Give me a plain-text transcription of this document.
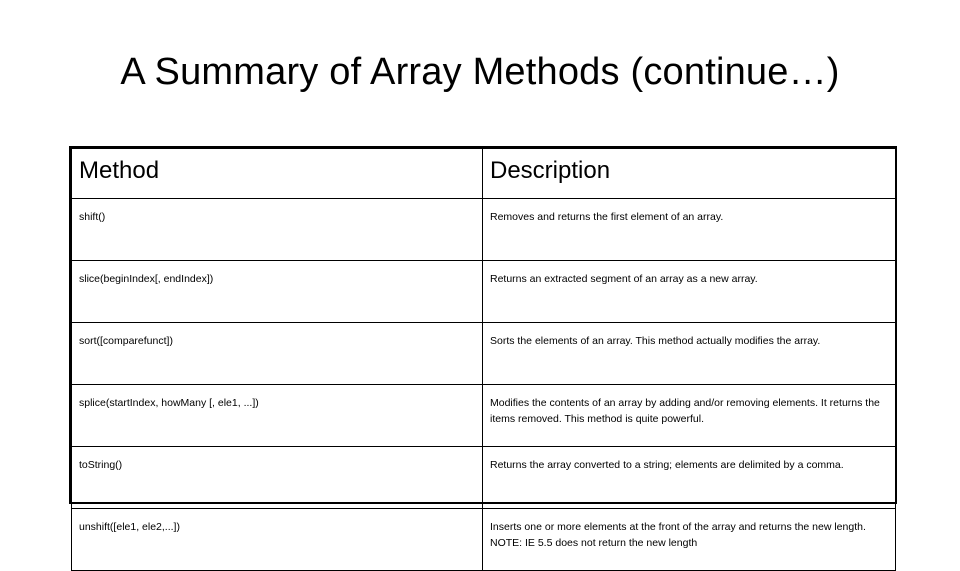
A Summary of Array Methods (continue…)
Method	Description
shift()	Removes and returns the first element of an array.
slice(beginIndex[, endIndex])	Returns an extracted segment of an array as a new array.
sort([comparefunct])	Sorts the elements of an array. This method actually modifies the array.
splice(startIndex, howMany [, ele1, ...])	Modifies the contents of an array by adding and/or removing elements. It returns the items removed. This method is quite powerful.
toString()	Returns the array converted to a string; elements are delimited by a comma.
unshift([ele1, ele2,...])	Inserts one or more elements at the front of the array and returns the new length. NOTE: IE 5.5 does not return the new length
